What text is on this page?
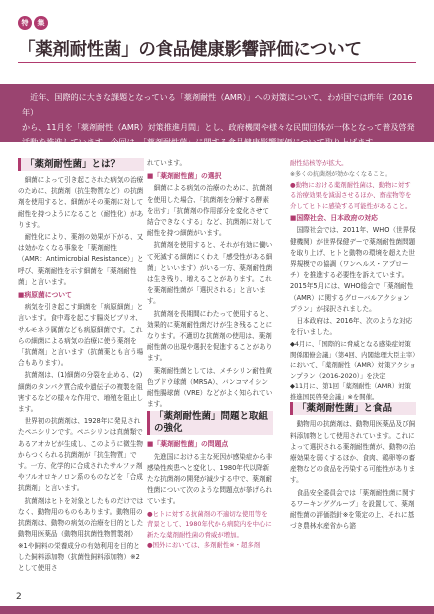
特	集
「薬剤耐性菌」の食品健康影響評価について
　近年、国際的に大きな課題となっている「薬剤耐性（AMR）」への対策について、わが国では昨年（2016年）
から、11月を「薬剤耐性（AMR）対策推進月間」とし、政府機関や様々な民間団体が一体となって普及啓発
活動を推進しています。今回は、「薬剤耐性菌」に関する食品健康影響評価について取り上げます。
「薬剤耐性菌」とは？

　細菌によって引き起こされた病気の治療のために、抗菌剤（抗生物質など）の抗菌剤を使用すると、細菌がその薬剤に対して耐性を持つようになること（耐性化）があります。

　耐性化により、薬剤の効果が下がる、又は効かなくなる事象を「薬剤耐性（AMR：Antimicrobial Resistance）」と呼び、薬剤耐性を示す細菌を「薬剤耐性菌」と言います。

■病原菌について

　病気を引き起こす細菌を「病原細菌」と言います。食中毒を起こす腸炎ビブリオ、サルモネラ属菌なども病原細菌です。これらの細菌による病気の治療に使う薬剤を「抗菌剤」と言います（抗菌薬とも言う場合もあります）。

　抗菌剤は、(1)細菌の分裂を止める、(2)細菌のタンパク質合成や遺伝子の複製を阻害するなどの様々な作用で、増殖を阻止します。

　世界初の抗菌剤は、1928年に発見されたペニシリンです。ペニシリンは真菌類であるアオカビが生成し、このように微生物からつくられる抗菌剤が「抗生物質」です。一方、化学的に合成されたサルファ剤やフルオロキノロン系のものなどを「合成抗菌剤」と言います。

　抗菌剤はヒトを対象としたものだけではなく、動物用のものもあります。動物用の抗菌剤は、動物の病気の治療を目的とした動物用医薬品（動物用抗菌性物質製剤）※1や飼料の栄養成分の有効利用を目的とした飼料添加物（抗菌性飼料添加物）※2として使用さ

れています。

■「薬剤耐性菌」の選択

　細菌による病気の治療のために、抗菌剤を使用した場合、「抗菌剤を分解する酵素を出す」「抗菌剤の作用部分を変化させて結合できなくする」など、抗菌剤に対して耐性を持つ細菌がいます。

　抗菌剤を使用すると、それが有効に働いて死滅する細菌にくわえ「感受性がある細菌」といいます）がいる一方、薬剤耐性菌は生き残り、増えることがあります。これを薬剤耐性菌が「選択される」と言います。

　抗菌剤を長期間にわたって使用すると、効果的に薬剤耐性菌だけが生き残ることになります。不適切な抗菌剤の使用は、薬剤耐性菌の出現や選択を促進することがあります。

　薬剤耐性菌としては、メチシリン耐性黄色ブドウ球菌（MRSA）、バンコマイシン耐性腸球菌（VRE）などがよく知られています。

「薬剤耐性菌」問題と取組の強化
■「薬剤耐性菌」の問題点

　先進国における主な死因が感染症から非感染性疾患へと変化し、1980年代以降新たな抗菌剤の開発が減少する中で、薬剤耐性菌について次のような問題点が挙げられています。

●ヒトに対する抗菌剤の不適切な使用等を背景として、1980年代から病院内を中心に新たな薬剤耐性菌の脅威が増加。

●国外においては、多剤耐性※・超多剤

耐性結核等が拡大。

※多くの抗菌剤が効かなくなること。

●動物における薬剤耐性菌は、動物に対する治療効果を減弱させるほか、畜産物等を介してヒトに感染する可能性があること。

■国際社会、日本政府の対応

　国際社会では、2011年、WHO（世界保健機関）が世界保健デーで薬剤耐性菌問題を取り上げ、ヒトと動物の環境を超えた世界規模での協調（ワンヘルス・アプローチ）を推進する必要性を訴えています。2015年5月には、WHO総会で「薬剤耐性（AMR）に関するグローバルアクションプラン」が採択されました。

　日本政府は、2016年、次のような対応を行いました。

◆4月に、「国際的に脅威となる感染症対策関係閣僚会議」（第4回、内閣総理大臣主宰）において、「薬剤耐性（AMR）対策アクションプラン（2016-2020）」を決定

◆11月に、第1回「薬剤耐性（AMR）対策推進国民啓発会議」※を開催。

「薬剤耐性菌」と食品

　動物用の抗菌剤は、動物用医薬品及び飼料添加物として使用されています。これによって選択される薬剤耐性菌が、動物の治療効果を弱くするほか、食肉、鶏卵等の畜産物などの食品を汚染する可能性があります。

　食品安全委員会では「薬剤耐性菌に関するワーキンググループ」を設置して、薬剤耐性菌の評価指針※を策定の上、それに基づき農林水産省から諮

2
